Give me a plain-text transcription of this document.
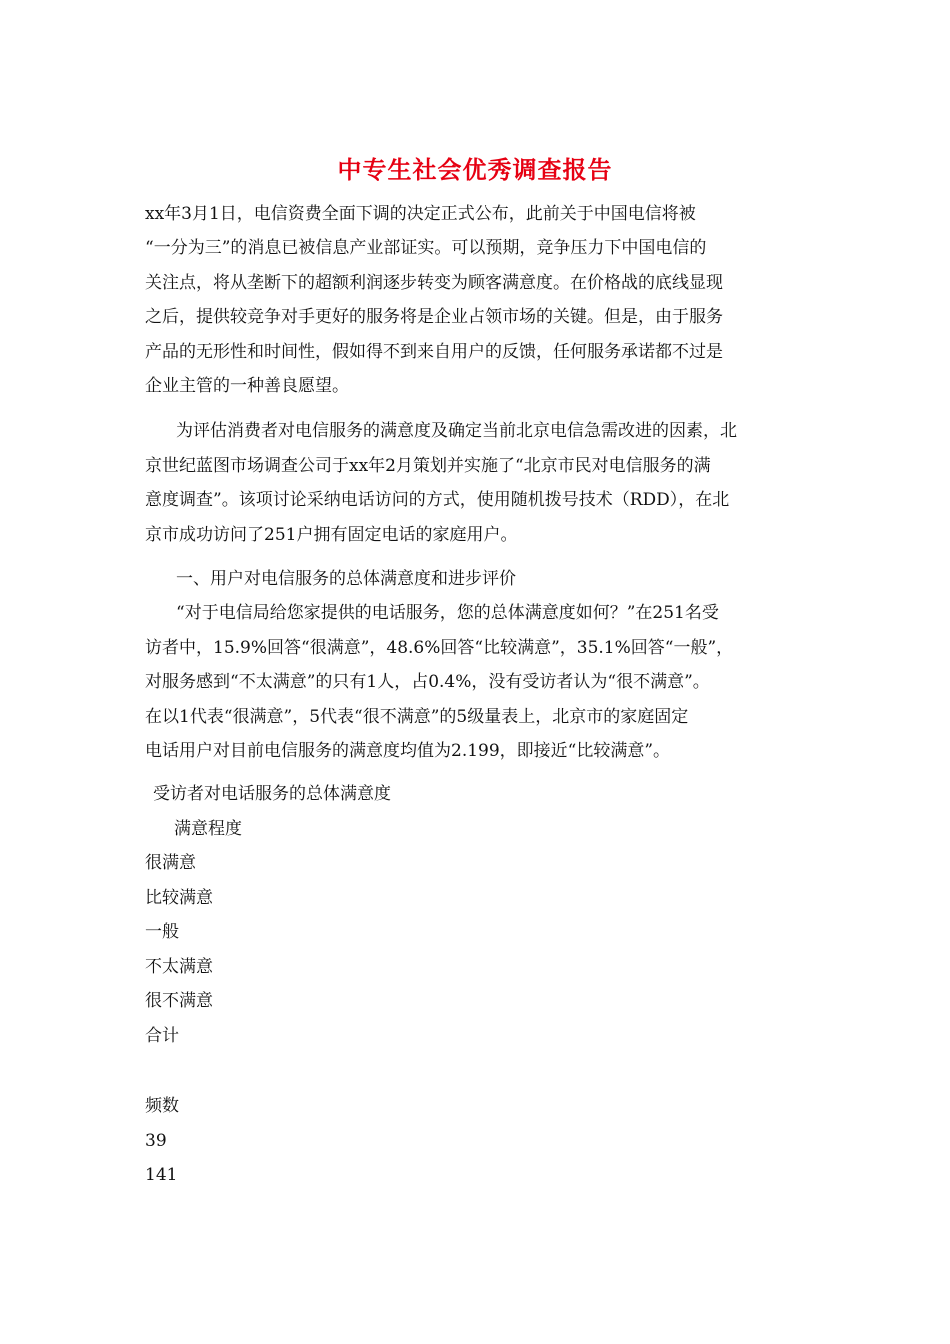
中专生社会优秀调查报告
xx年3月1日，电信资费全面下调的决定正式公布，此前关于中国电信将被
“一分为三”的消息已被信息产业部证实。可以预期，竞争压力下中国电信的
关注点，将从垄断下的超额利润逐步转变为顾客满意度。在价格战的底线显现
之后，提供较竞争对手更好的服务将是企业占领市场的关键。但是，由于服务
产品的无形性和时间性，假如得不到来自用户的反馈，任何服务承诺都不过是
企业主管的一种善良愿望。
为评估消费者对电信服务的满意度及确定当前北京电信急需改进的因素，北
京世纪蓝图市场调查公司于xx年2月策划并实施了“北京市民对电信服务的满
意度调查”。该项讨论采纳电话访问的方式，使用随机拨号技术（RDD），在北
京市成功访问了251户拥有固定电话的家庭用户。
一、用户对电信服务的总体满意度和进步评价
“对于电信局给您家提供的电话服务，您的总体满意度如何？”在251名受
访者中，15.9%回答“很满意”，48.6%回答“比较满意”，35.1%回答“一般”，
对服务感到“不太满意”的只有1人，占0.4%，没有受访者认为“很不满意”。
在以1代表“很满意”，5代表“很不满意”的5级量表上，北京市的家庭固定
电话用户对目前电信服务的满意度均值为2.199，即接近“比较满意”。
受访者对电话服务的总体满意度
满意程度
很满意
比较满意
一般
不太满意
很不满意
合计
频数
39
141
